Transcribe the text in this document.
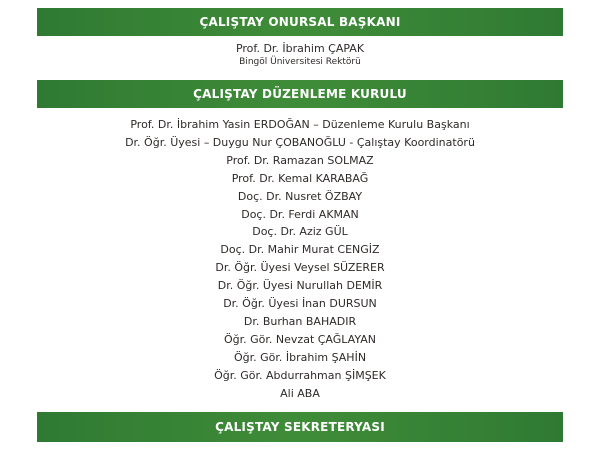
ÇALIŞTAY ONURSAL BAŞKANI
Prof. Dr. İbrahim ÇAPAK
Bingöl Üniversitesi Rektörü
ÇALIŞTAY DÜZENLEME KURULU
Prof. Dr. İbrahim Yasin ERDOĞAN – Düzenleme Kurulu Başkanı
Dr. Öğr. Üyesi – Duygu Nur ÇOBANOĞLU - Çalıştay Koordinatörü
Prof. Dr. Ramazan SOLMAZ
Prof. Dr. Kemal KARABAĞ
Doç. Dr. Nusret ÖZBAY
Doç. Dr. Ferdi AKMAN
Doç. Dr. Aziz GÜL
Doç. Dr. Mahir Murat CENGİZ
Dr. Öğr. Üyesi Veysel SÜZERER
Dr. Öğr. Üyesi Nurullah DEMİR
Dr. Öğr. Üyesi İnan DURSUN
Dr. Burhan BAHADIR
Öğr. Gör. Nevzat ÇAĞLAYAN
Öğr. Gör. İbrahim ŞAHİN
Öğr. Gör. Abdurrahman ŞİMŞEK
Ali ABA
ÇALIŞTAY SEKRETERYASI
